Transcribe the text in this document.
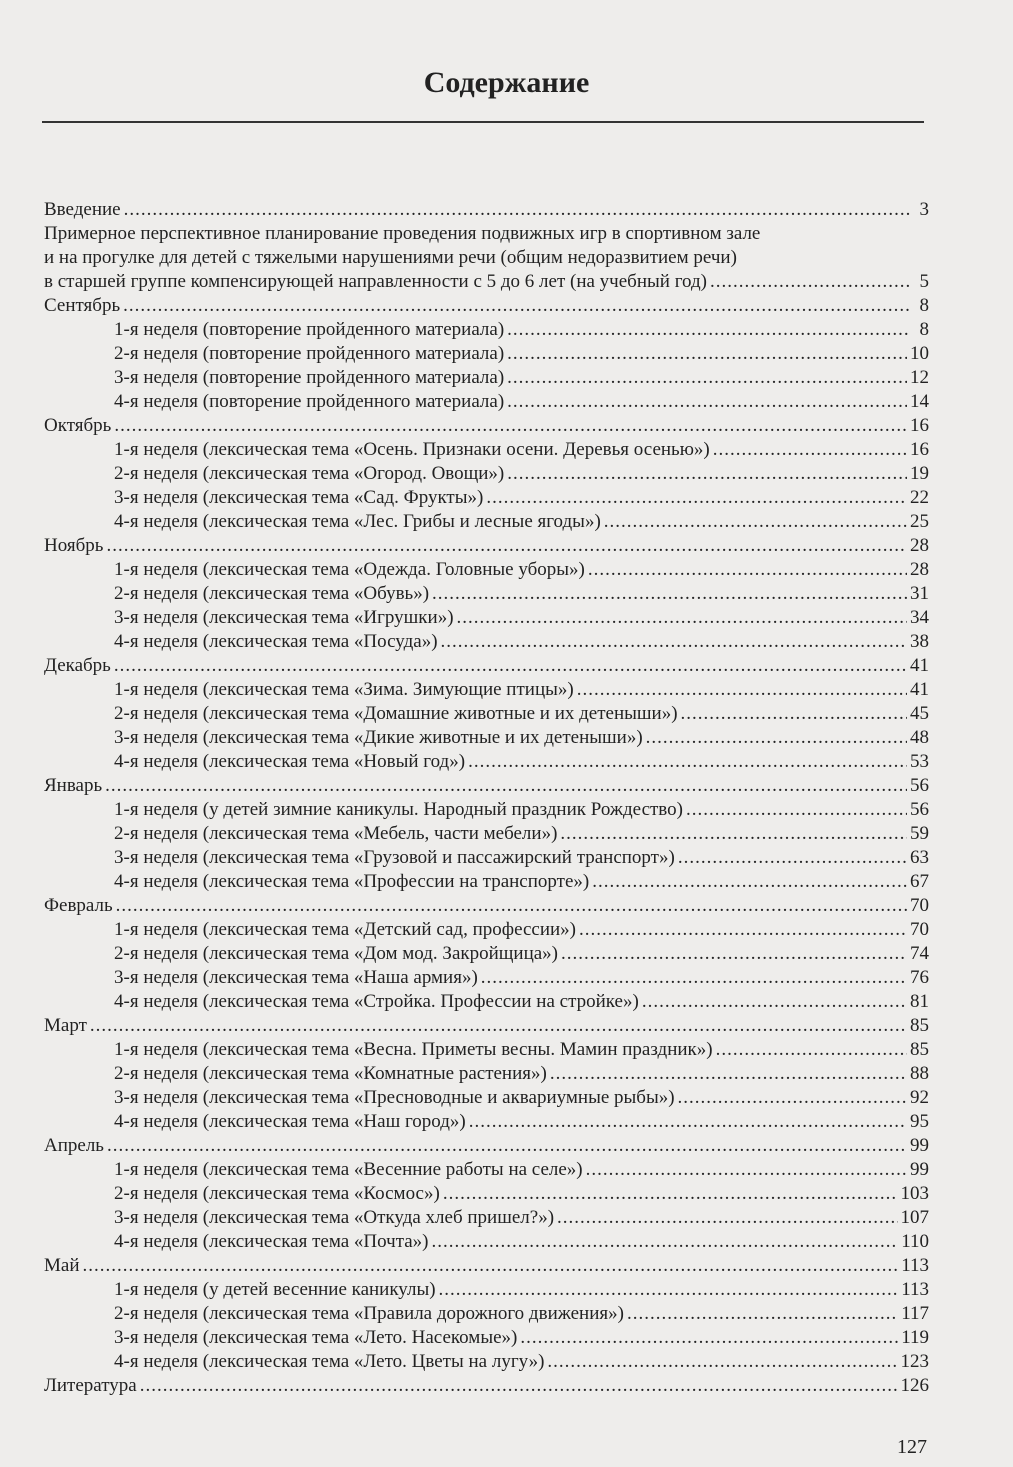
Содержание
Введение .....	3
Примерное перспективное планирование проведения подвижных игр в спортивном зале
и на прогулке для детей с тяжелыми нарушениями речи (общим недоразвитием речи)
в старшей группе компенсирующей направленности с 5 до 6 лет (на учебный год) .....	5
Сентябрь .....	8
1-я неделя (повторение пройденного материала) .....	8
2-я неделя (повторение пройденного материала) .....	10
3-я неделя (повторение пройденного материала) .....	12
4-я неделя (повторение пройденного материала) .....	14
Октябрь .....	16
1-я неделя (лексическая тема «Осень. Признаки осени. Деревья осенью») .....	16
2-я неделя (лексическая тема «Огород. Овощи») .....	19
3-я неделя (лексическая тема «Сад. Фрукты») .....	22
4-я неделя (лексическая тема «Лес. Грибы и лесные ягоды») .....	25
Ноябрь .....	28
1-я неделя (лексическая тема «Одежда. Головные уборы») .....	28
2-я неделя (лексическая тема «Обувь») .....	31
3-я неделя (лексическая тема «Игрушки») .....	34
4-я неделя (лексическая тема «Посуда») .....	38
Декабрь .....	41
1-я неделя (лексическая тема «Зима. Зимующие птицы») .....	41
2-я неделя (лексическая тема «Домашние животные и их детеныши») .....	45
3-я неделя (лексическая тема «Дикие животные и их детеныши») .....	48
4-я неделя (лексическая тема «Новый год») .....	53
Январь .....	56
1-я неделя (у детей зимние каникулы. Народный праздник Рождество) .....	56
2-я неделя (лексическая тема «Мебель, части мебели») .....	59
3-я неделя (лексическая тема «Грузовой и пассажирский транспорт») .....	63
4-я неделя (лексическая тема «Профессии на транспорте») .....	67
Февраль .....	70
1-я неделя (лексическая тема «Детский сад, профессии») .....	70
2-я неделя (лексическая тема «Дом мод. Закройщица») .....	74
3-я неделя (лексическая тема «Наша армия») .....	76
4-я неделя (лексическая тема «Стройка. Профессии на стройке») .....	81
Март .....	85
1-я неделя (лексическая тема «Весна. Приметы весны. Мамин праздник») .....	85
2-я неделя (лексическая тема «Комнатные растения») .....	88
3-я неделя (лексическая тема «Пресноводные и аквариумные рыбы») .....	92
4-я неделя (лексическая тема «Наш город») .....	95
Апрель .....	99
1-я неделя (лексическая тема «Весенние работы на селе») .....	99
2-я неделя (лексическая тема «Космос») .....	103
3-я неделя (лексическая тема «Откуда хлеб пришел?») .....	107
4-я неделя (лексическая тема «Почта») .....	110
Май .....	113
1-я неделя (у детей весенние каникулы) .....	113
2-я неделя (лексическая тема «Правила дорожного движения») .....	117
3-я неделя (лексическая тема «Лето. Насекомые») .....	119
4-я неделя (лексическая тема «Лето. Цветы на лугу») .....	123
Литература .....	126
127
